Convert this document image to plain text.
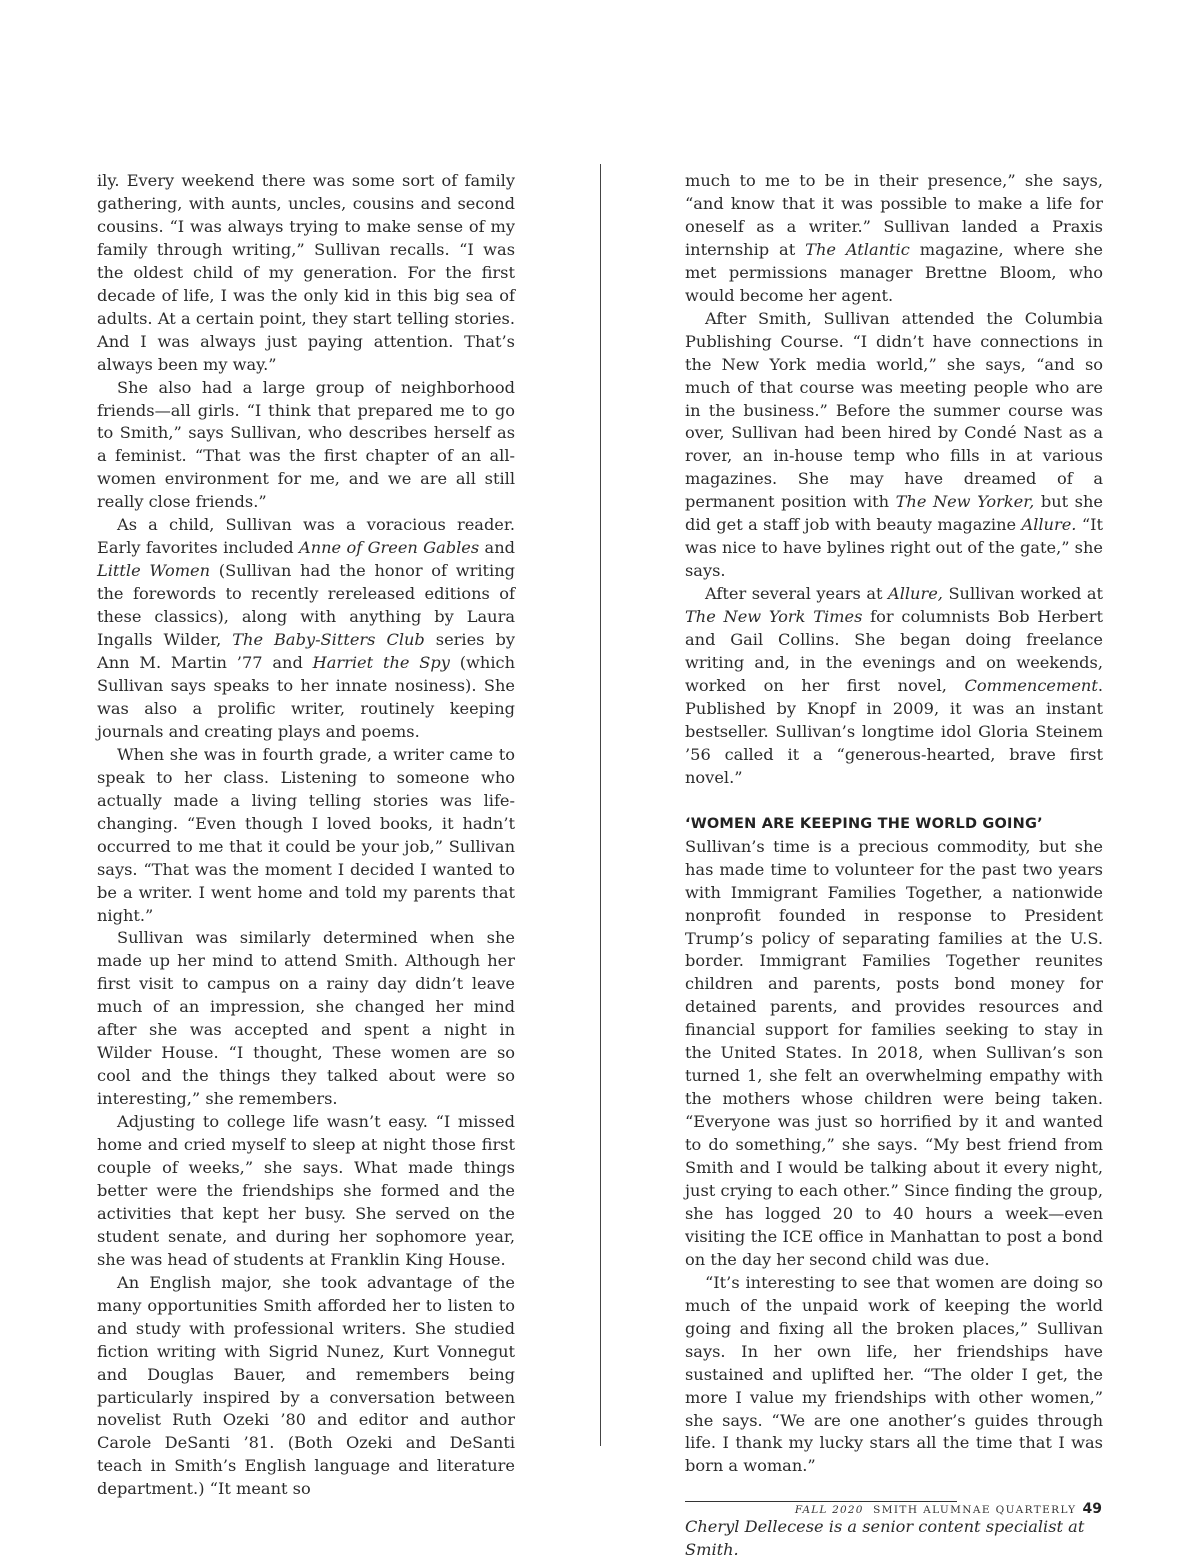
ily. Every weekend there was some sort of family gathering, with aunts, uncles, cousins and second cousins. “I was always trying to make sense of my family through writing,” Sullivan recalls. “I was the oldest child of my generation. For the first decade of life, I was the only kid in this big sea of adults. At a certain point, they start telling stories. And I was always just paying attention. That’s always been my way.”

She also had a large group of neighborhood friends—all girls. “I think that prepared me to go to Smith,” says Sullivan, who describes herself as a feminist. “That was the first chapter of an all-women environment for me, and we are all still really close friends.”

As a child, Sullivan was a voracious reader. Early favorites included Anne of Green Gables and Little Women (Sullivan had the honor of writing the forewords to recently rereleased editions of these classics), along with anything by Laura Ingalls Wilder, The Baby-Sitters Club series by Ann M. Martin ’77 and Harriet the Spy (which Sullivan says speaks to her innate nosiness). She was also a prolific writer, routinely keeping journals and creating plays and poems.

When she was in fourth grade, a writer came to speak to her class. Listening to someone who actually made a living telling stories was life-changing. “Even though I loved books, it hadn’t occurred to me that it could be your job,” Sullivan says. “That was the moment I decided I wanted to be a writer. I went home and told my parents that night.”

Sullivan was similarly determined when she made up her mind to attend Smith. Although her first visit to campus on a rainy day didn’t leave much of an impression, she changed her mind after she was accepted and spent a night in Wilder House. “I thought, These women are so cool and the things they talked about were so interesting,” she remembers.

Adjusting to college life wasn’t easy. “I missed home and cried myself to sleep at night those first couple of weeks,” she says. What made things better were the friendships she formed and the activities that kept her busy. She served on the student senate, and during her sophomore year, she was head of students at Franklin King House.

An English major, she took advantage of the many opportunities Smith afforded her to listen to and study with professional writers. She studied fiction writing with Sigrid Nunez, Kurt Vonnegut and Douglas Bauer, and remembers being particularly inspired by a conversation between novelist Ruth Ozeki ’80 and editor and author Carole DeSanti ’81. (Both Ozeki and DeSanti teach in Smith’s English language and literature department.) “It meant so

much to me to be in their presence,” she says, “and know that it was possible to make a life for oneself as a writer.” Sullivan landed a Praxis internship at The Atlantic magazine, where she met permissions manager Brettne Bloom, who would become her agent.

After Smith, Sullivan attended the Columbia Publishing Course. “I didn’t have connections in the New York media world,” she says, “and so much of that course was meeting people who are in the business.” Before the summer course was over, Sullivan had been hired by Condé Nast as a rover, an in-house temp who fills in at various magazines. She may have dreamed of a permanent position with The New Yorker, but she did get a staff job with beauty magazine Allure. “It was nice to have bylines right out of the gate,” she says.

After several years at Allure, Sullivan worked at The New York Times for columnists Bob Herbert and Gail Collins. She began doing freelance writing and, in the evenings and on weekends, worked on her first novel, Commencement. Published by Knopf in 2009, it was an instant bestseller. Sullivan’s longtime idol Gloria Steinem ’56 called it a “generous-hearted, brave first novel.”

‘WOMEN ARE KEEPING THE WORLD GOING’

Sullivan’s time is a precious commodity, but she has made time to volunteer for the past two years with Immigrant Families Together, a nationwide nonprofit founded in response to President Trump’s policy of separating families at the U.S. border. Immigrant Families Together reunites children and parents, posts bond money for detained parents, and provides resources and financial support for families seeking to stay in the United States. In 2018, when Sullivan’s son turned 1, she felt an overwhelming empathy with the mothers whose children were being taken. “Everyone was just so horrified by it and wanted to do something,” she says. “My best friend from Smith and I would be talking about it every night, just crying to each other.” Since finding the group, she has logged 20 to 40 hours a week—even visiting the ICE office in Manhattan to post a bond on the day her second child was due.

“It’s interesting to see that women are doing so much of the unpaid work of keeping the world going and fixing all the broken places,” Sullivan says. In her own life, her friendships have sustained and uplifted her. “The older I get, the more I value my friendships with other women,” she says. “We are one another’s guides through life. I thank my lucky stars all the time that I was born a woman.”

Cheryl Dellecese is a senior content specialist at Smith.

FALL 2020 SMITH ALUMNAE QUARTERLY 49
